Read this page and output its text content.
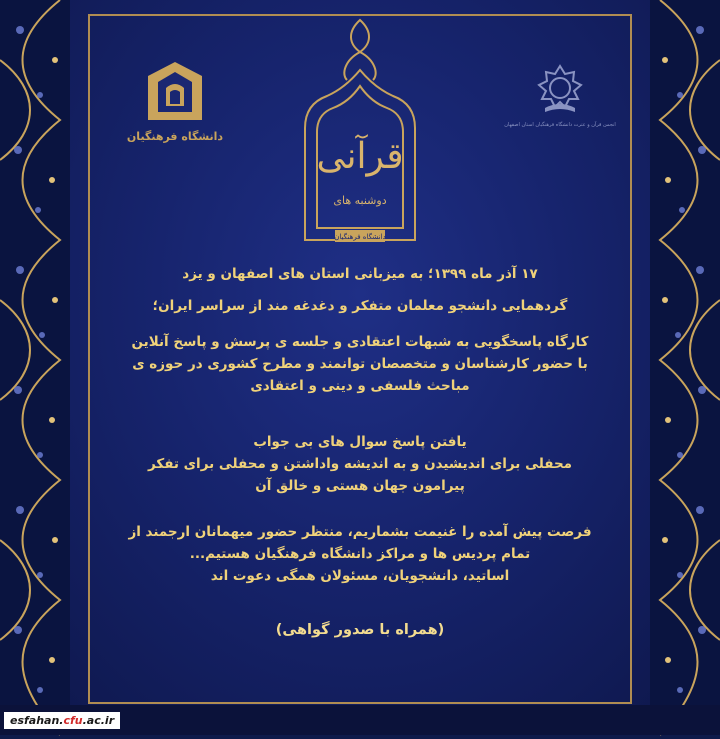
دانشگاه فرهنگیان
انجمن قرآن و عترت دانشگاه فرهنگیان استان اصفهان
قرآنی
دوشنبه های
دانشگاه فرهنگیان

۱۷ آذر ماه ۱۳۹۹؛ به میزبانی استان های اصفهان و یزد

گردهمایی دانشجو معلمان متفکر و دغدغه مند از سراسر ایران؛

کارگاه پاسخگویی به شبهات اعتقادی و جلسه ی پرسش و پاسخ آنلاین

با حضور کارشناسان و متخصصان توانمند و مطرح کشوری در حوزه ی

مباحث فلسفی و دینی و اعتقادی

یافتن پاسخ سوال های بی جواب

محفلی برای اندیشیدن و به اندیشه واداشتن و محفلی برای تفکر

پیرامون جهان هستی و خالق آن

فرصت پیش آمده را غنیمت بشماریم، منتظر حضور میهمانان ارجمند از

تمام پردیس ها و مراکز دانشگاه فرهنگیان هستیم...

اساتید، دانشجویان، مسئولان همگی دعوت اند

(همراه با صدور گواهی)

esfahan.cfu.ac.ir
